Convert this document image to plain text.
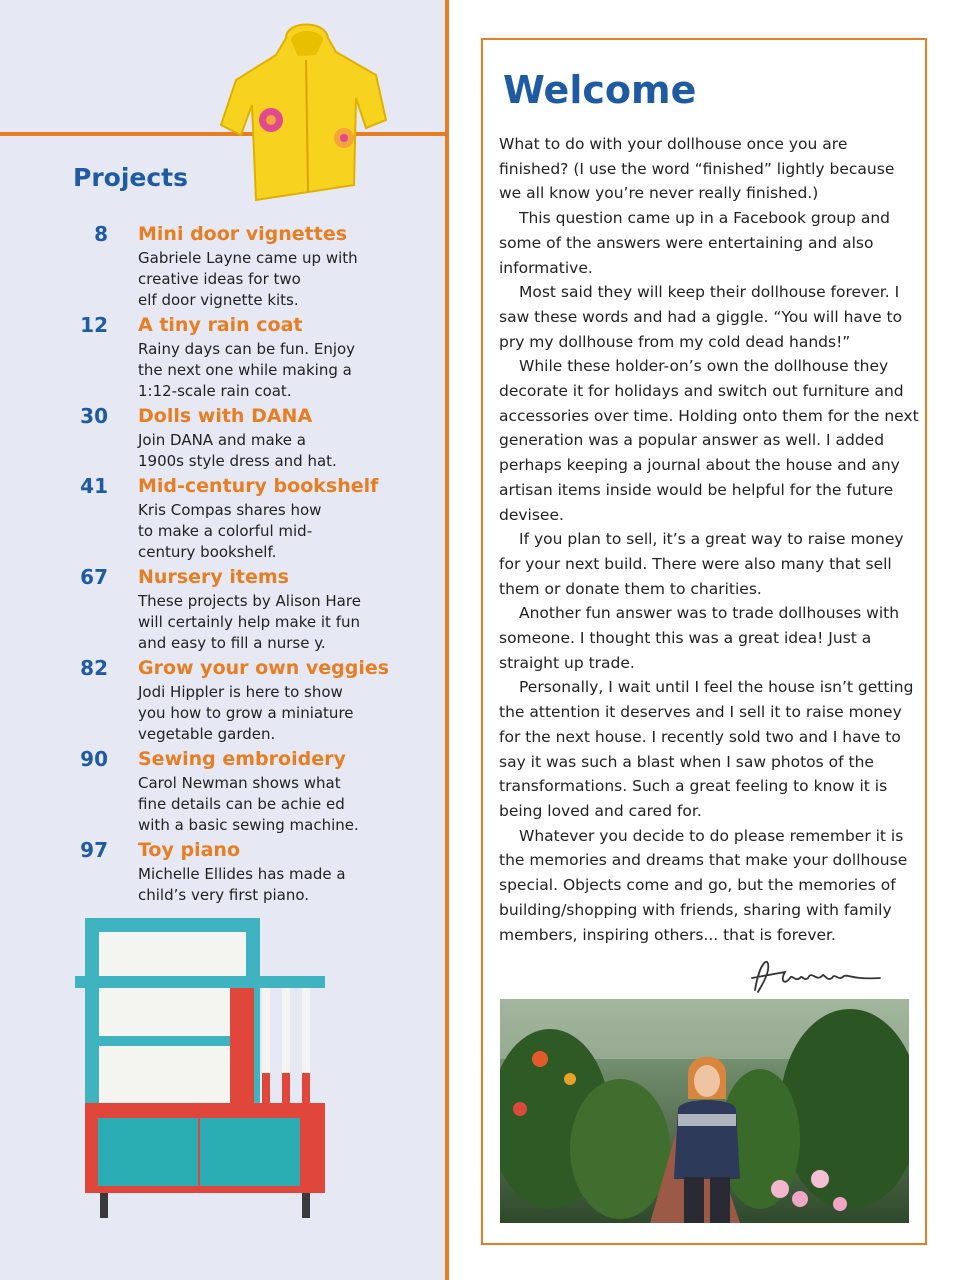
Projects
8 Mini door vignettes
Gabriele Layne came up with
creative ideas for two
elf door vignette kits.
12 A tiny rain coat
Rainy days can be fun. Enjoy
the next one while making a
1:12-scale rain coat.
30 Dolls with DANA
Join DANA and make a
1900s style dress and hat.
41 Mid-century bookshelf
Kris Compas shares how
to make a colorful mid-
century bookshelf.
67 Nursery items
These projects by Alison Hare
will certainly help make it fun
and easy to fill a nurse y.
82 Grow your own veggies
Jodi Hippler is here to show
you how to grow a miniature
vegetable garden.
90 Sewing embroidery
Carol Newman shows what
fine details can be achie ed
with a basic sewing machine.
97 Toy piano
Michelle Ellides has made a
child’s very first piano.
Welcome

What to do with your dollhouse once you are finished? (I use the word “finished” lightly because we all know you’re never really finished.)

This question came up in a Facebook group and some of the answers were entertaining and also informative.

Most said they will keep their dollhouse forever. I saw these words and had a giggle. “You will have to pry my dollhouse from my cold dead hands!”

While these holder-on’s own the dollhouse they decorate it for holidays and switch out furniture and accessories over time. Holding onto them for the next generation was a popular answer as well. I added perhaps keeping a journal about the house and any artisan items inside would be helpful for the future devisee.

If you plan to sell, it’s a great way to raise money for your next build. There were also many that sell them or donate them to charities.

Another fun answer was to trade dollhouses with someone. I thought this was a great idea! Just a straight up trade.

Personally, I wait until I feel the house isn’t getting the attention it deserves and I sell it to raise money for the next house. I recently sold two and I have to say it was such a blast when I saw photos of the transformations. Such a great feeling to know it is being loved and cared for.

Whatever you decide to do please remember it is the memories and dreams that make your dollhouse special. Objects come and go, but the memories of building/shopping with friends, sharing with family members, inspiring others... that is forever.
